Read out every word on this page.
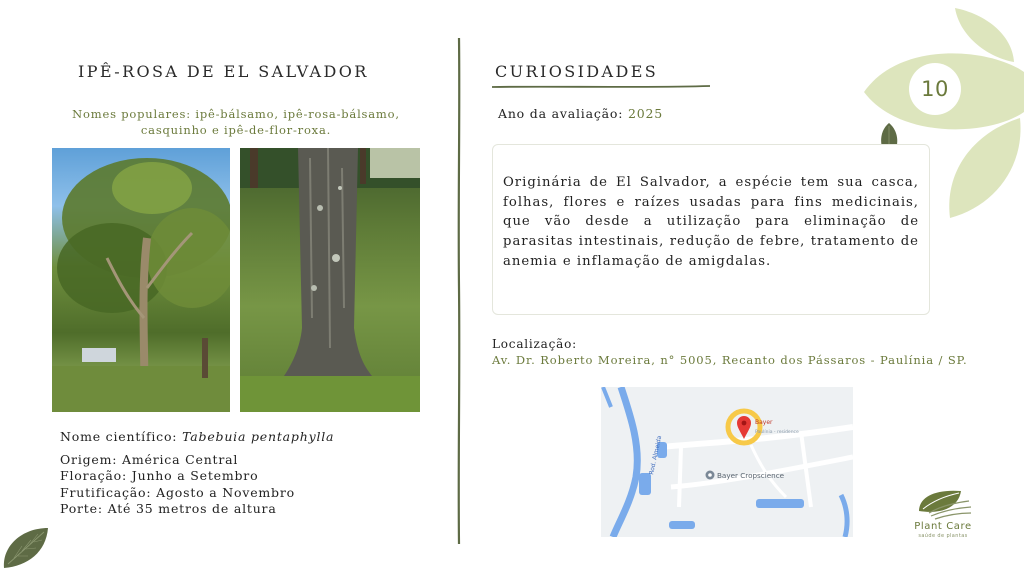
10
IPÊ-ROSA DE EL SALVADOR
Nomes populares: ipê-bálsamo, ipê-rosa-bálsamo, casquinho e ipê-de-flor-roxa.
Nome científico: Tabebuia pentaphylla
Origem: América Central
Floração: Junho a Setembro
Frutificação: Agosto a Novembro
Porte: Até 35 metros de altura
CURIOSIDADES
Ano da avaliação: 2025
Originária de El Salvador, a espécie tem sua casca, folhas, flores e raízes usadas para fins medicinais, que vão desde a utilização para eliminação de parasitas intestinais, redução de febre, tratamento de anemia e inflamação de amigdalas.
Localização:
Av. Dr. Roberto Moreira, n° 5005, Recanto dos Pássaros - Paulínia / SP.
Rod. Almeida
Bayer
Paulínia - residence
Bayer Cropscience
Plant Care
saúde de plantas
